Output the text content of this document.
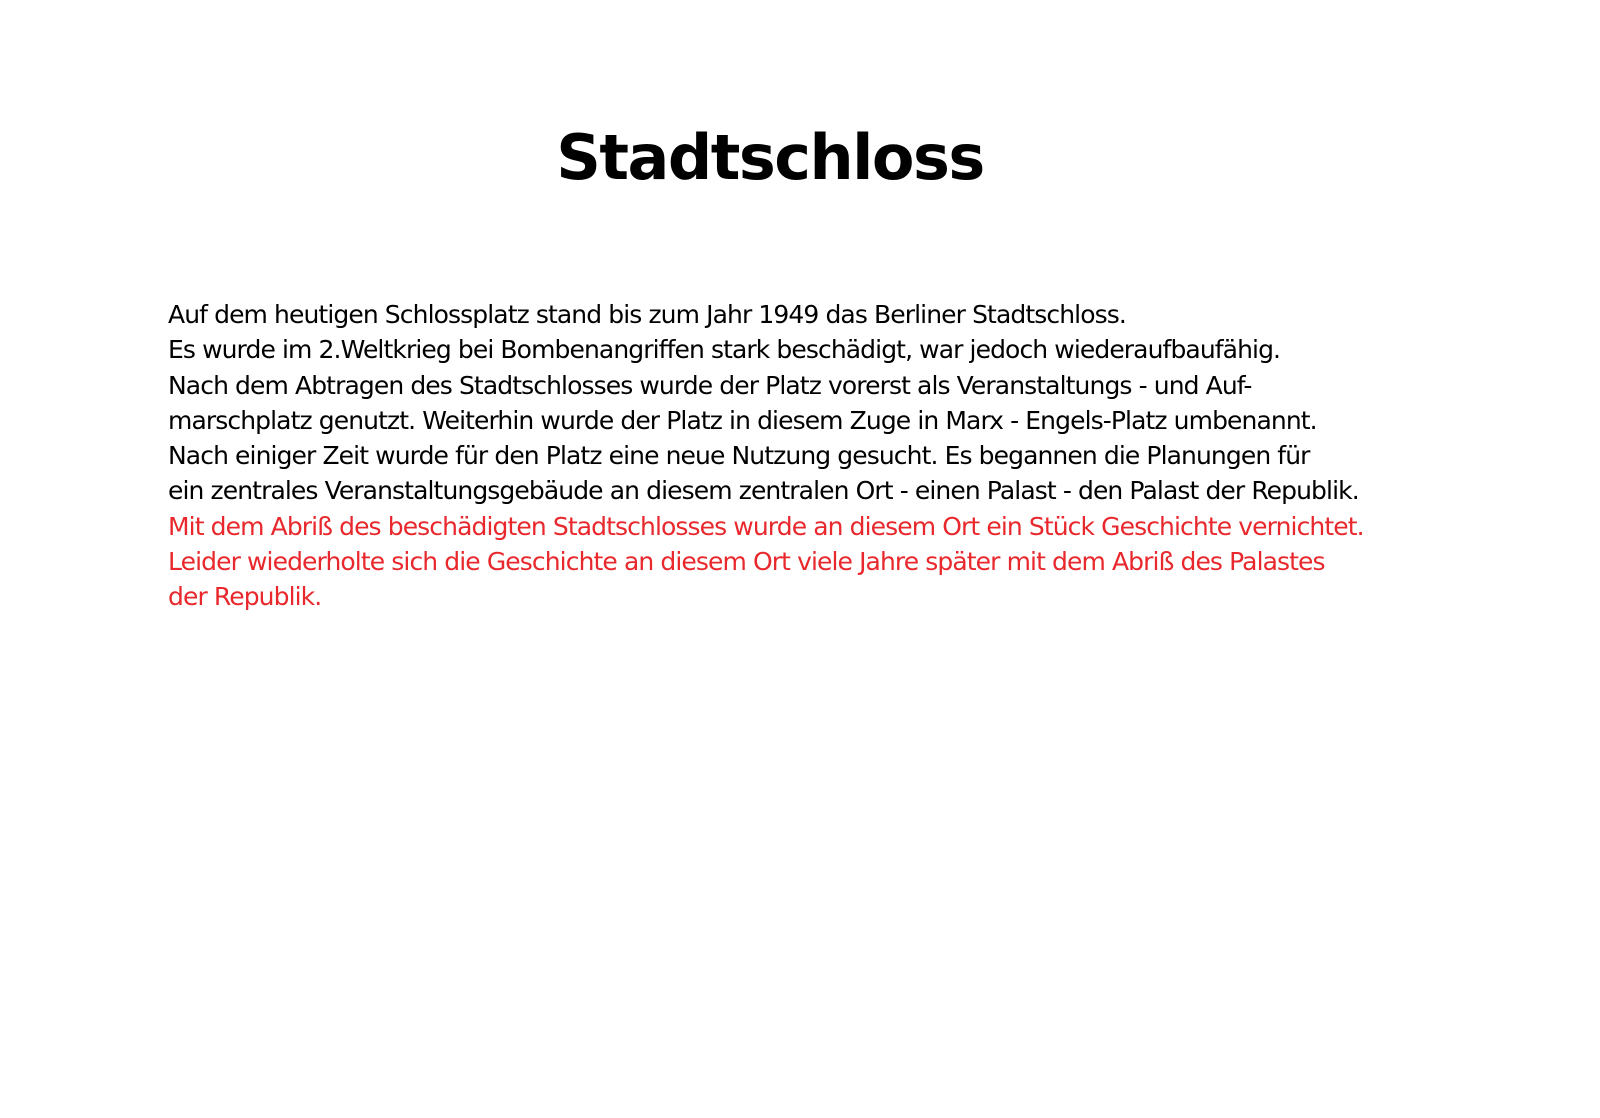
Stadtschloss
Auf dem heutigen Schlossplatz stand bis zum Jahr 1949 das Berliner Stadtschloss.
Es wurde im 2.Weltkrieg bei Bombenangriffen stark beschädigt, war jedoch wiederaufbaufähig.
Nach dem Abtragen des Stadtschlosses wurde der Platz vorerst als Veranstaltungs - und Auf-
marschplatz genutzt. Weiterhin wurde der Platz in diesem Zuge in Marx - Engels-Platz umbenannt.
Nach einiger Zeit wurde für den Platz eine neue Nutzung gesucht. Es begannen die Planungen für
ein zentrales Veranstaltungsgebäude an diesem zentralen Ort - einen Palast - den Palast der Republik.
Mit dem Abriß des beschädigten Stadtschlosses wurde an diesem Ort ein Stück Geschichte vernichtet.
Leider wiederholte sich die Geschichte an diesem Ort viele Jahre später mit dem Abriß des Palastes
der Republik.
